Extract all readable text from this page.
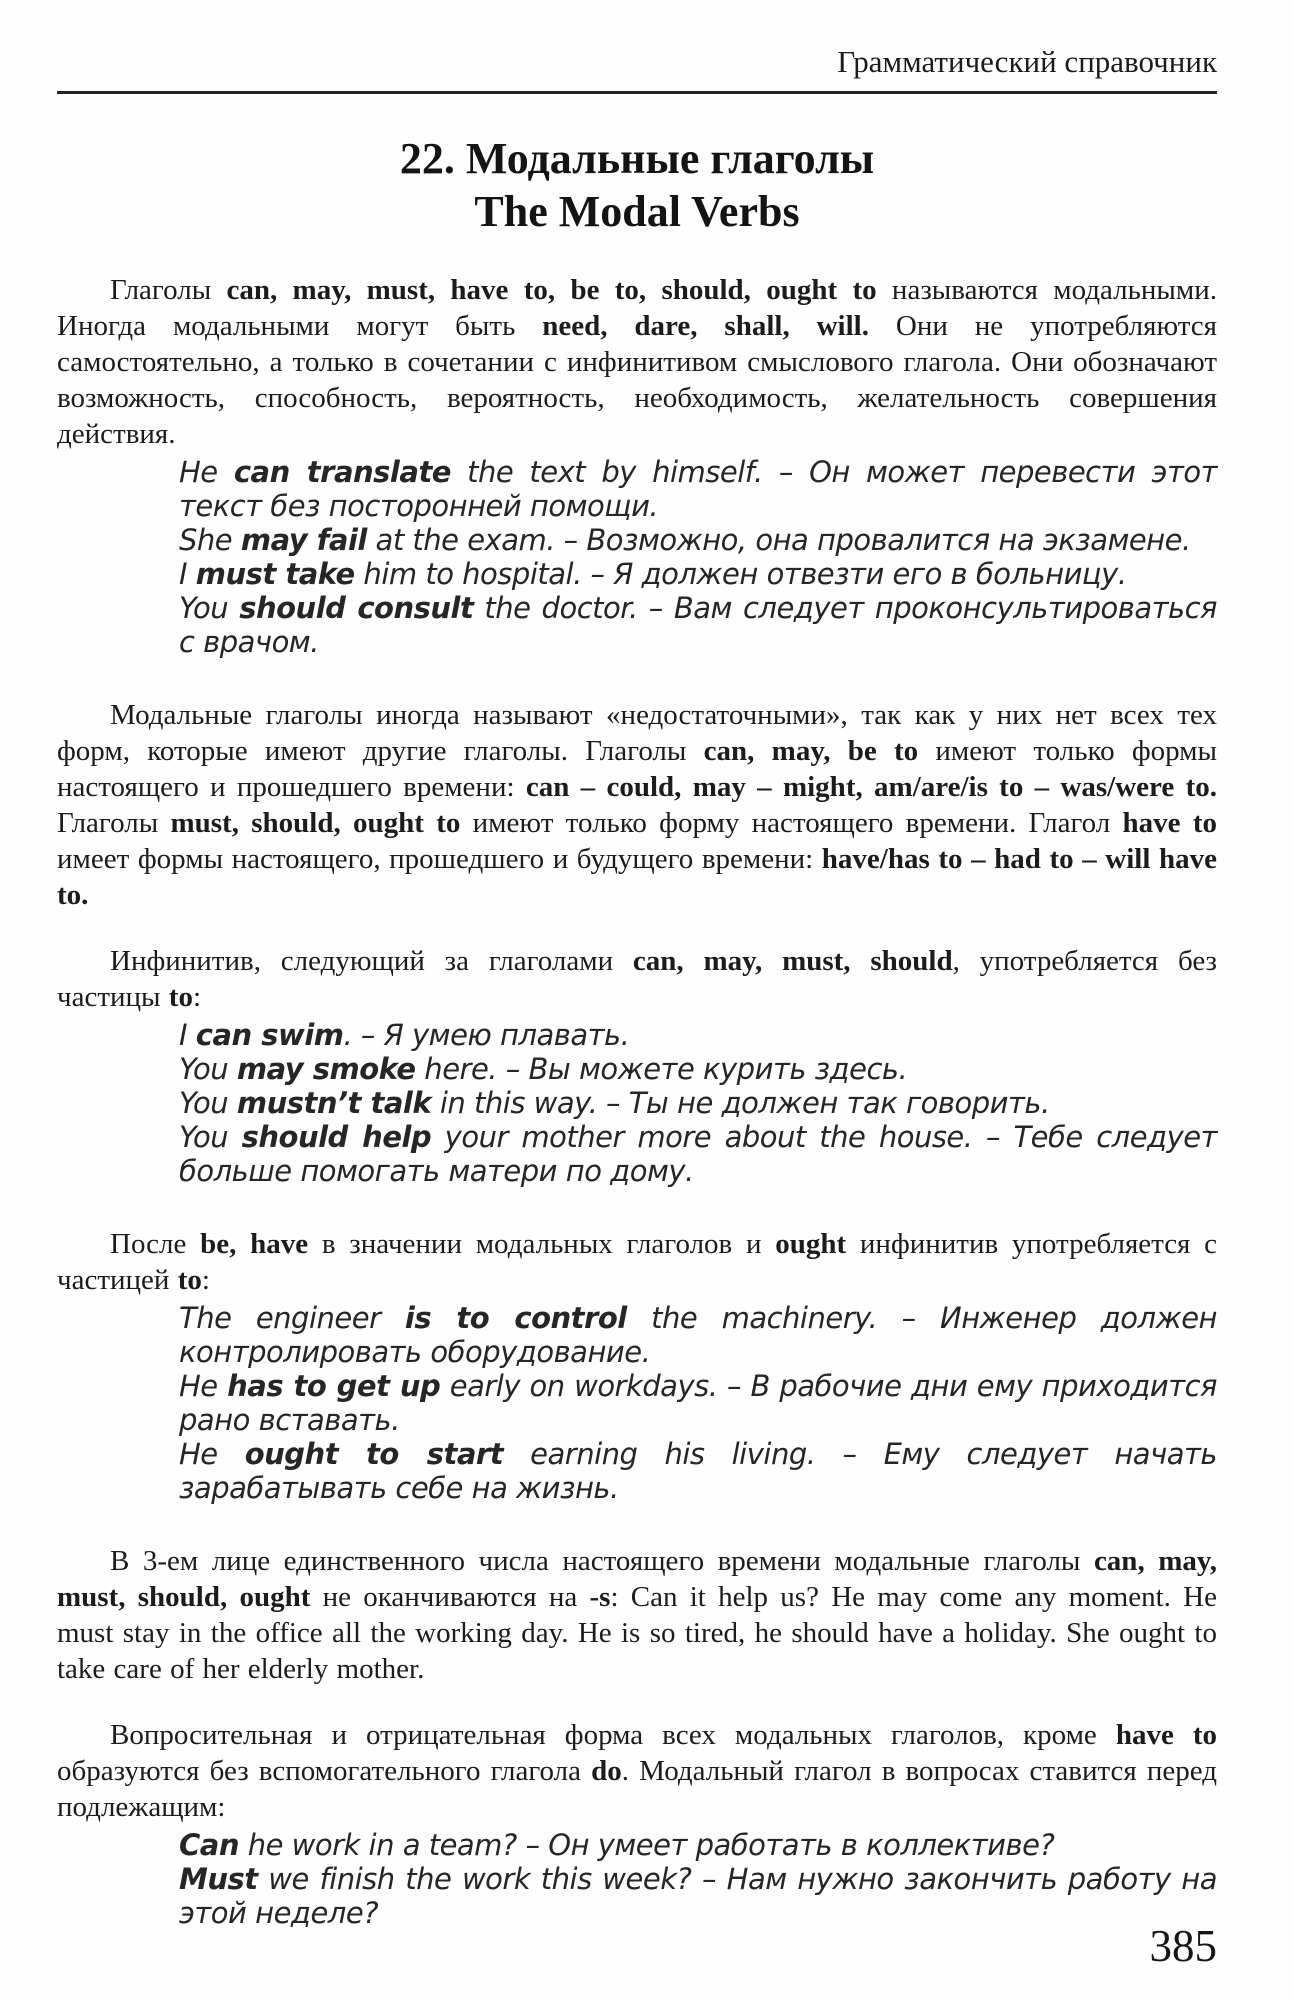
Грамматический справочник
22. Модальные глаголы
The Modal Verbs

Глаголы can, may, must, have to, be to, should, ought to называются модальными. Иногда модальными могут быть need, dare, shall, will. Они не употребляются самостоятельно, а только в сочетании с инфинитивом смыслового глагола. Они обозначают возможность, способность, вероятность, необходимость, желательность совершения действия.

He can translate the text by himself. – Он может перевести этот текст без посторонней помощи.

She may fail at the exam. – Возможно, она провалится на экзамене.

I must take him to hospital. – Я должен отвезти его в больницу.

You should consult the doctor. – Вам следует проконсультироваться с врачом.

Модальные глаголы иногда называют «недостаточными», так как у них нет всех тех форм, которые имеют другие глаголы. Глаголы can, may, be to имеют только формы настоящего и прошедшего времени: can – could, may – might, am/are/is to – was/were to. Глаголы must, should, ought to имеют только форму настоящего времени. Глагол have to имеет формы настоящего, прошедшего и будущего времени: have/has to – had to – will have to.

Инфинитив, следующий за глаголами can, may, must, should, употребляется без частицы to:

I can swim. – Я умею плавать.

You may smoke here. – Вы можете курить здесь.

You mustn’t talk in this way. – Ты не должен так говорить.

You should help your mother more about the house. – Тебе следует больше помогать матери по дому.

После be, have в значении модальных глаголов и ought инфинитив употребляется с частицей to:

The engineer is to control the machinery. – Инженер должен контролировать оборудование.

He has to get up early on workdays. – В рабочие дни ему приходится рано вставать.

He ought to start earning his living. – Ему следует начать зарабатывать себе на жизнь.

В 3-ем лице единственного числа настоящего времени модальные глаголы can, may, must, should, ought не оканчиваются на -s: Can it help us? He may come any moment. He must stay in the office all the working day. He is so tired, he should have a holiday. She ought to take care of her elderly mother.

Вопросительная и отрицательная форма всех модальных глаголов, кроме have to образуются без вспомогательного глагола do. Модальный глагол в вопросах ставится перед подлежащим:

Can he work in a team? – Он умеет работать в коллективе?

Must we finish the work this week? – Нам нужно закончить работу на этой неделе?

385
